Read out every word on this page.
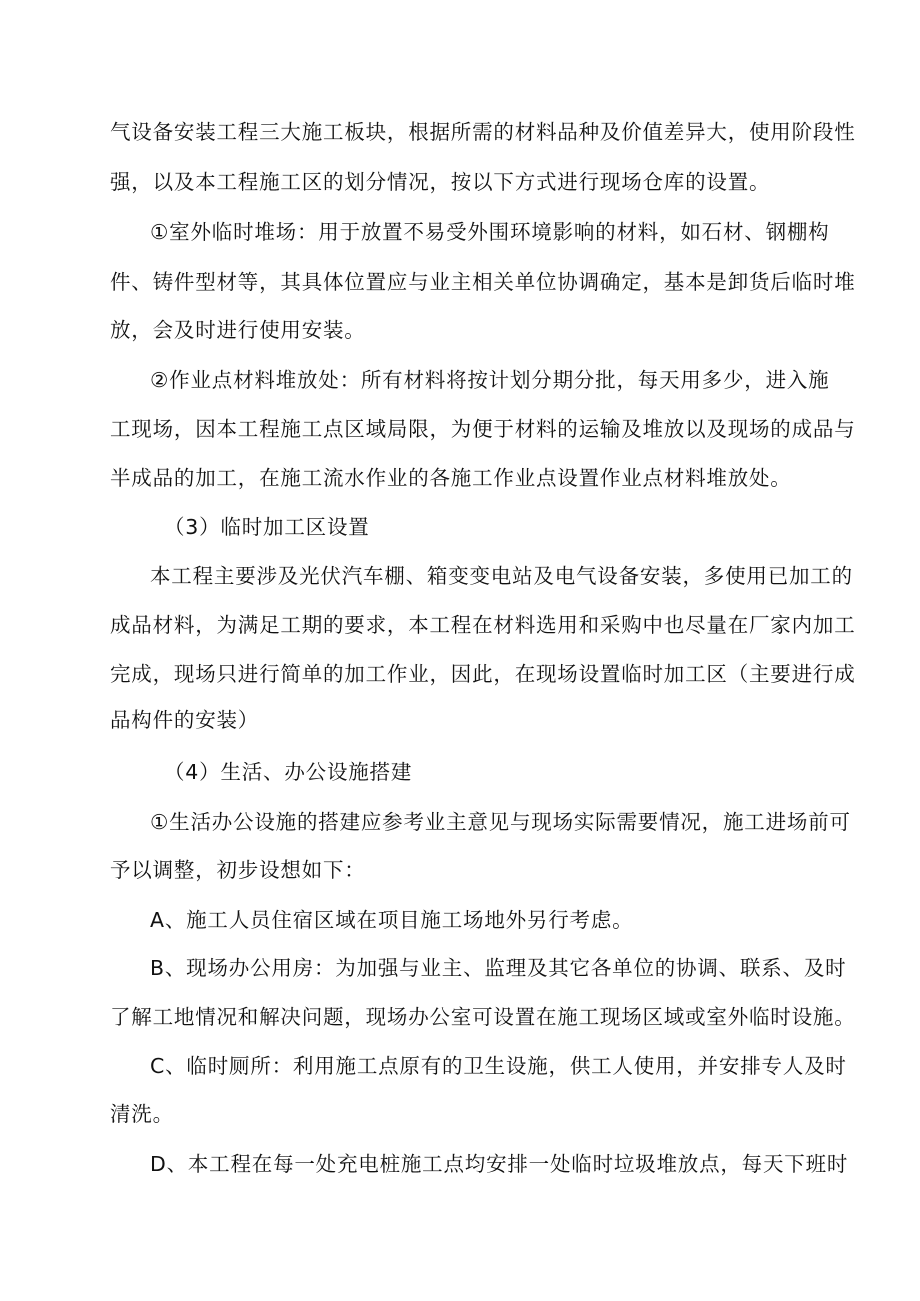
气设备安装工程三大施工板块，根据所需的材料品种及价值差异大，使用阶段性
强，以及本工程施工区的划分情况，按以下方式进行现场仓库的设置。
①室外临时堆场：用于放置不易受外围环境影响的材料，如石材、钢棚构
件、铸件型材等，其具体位置应与业主相关单位协调确定，基本是卸货后临时堆
放，会及时进行使用安装。
②作业点材料堆放处：所有材料将按计划分期分批，每天用多少，进入施
工现场，因本工程施工点区域局限，为便于材料的运输及堆放以及现场的成品与
半成品的加工，在施工流水作业的各施工作业点设置作业点材料堆放处。
（3）临时加工区设置
本工程主要涉及光伏汽车棚、箱变变电站及电气设备安装，多使用已加工的
成品材料，为满足工期的要求，本工程在材料选用和采购中也尽量在厂家内加工
完成，现场只进行简单的加工作业，因此，在现场设置临时加工区（主要进行成
品构件的安装）
（4）生活、办公设施搭建
①生活办公设施的搭建应参考业主意见与现场实际需要情况，施工进场前可
予以调整，初步设想如下：
A、施工人员住宿区域在项目施工场地外另行考虑。
B、现场办公用房：为加强与业主、监理及其它各单位的协调、联系、及时
了解工地情况和解决问题，现场办公室可设置在施工现场区域或室外临时设施。
C、临时厕所：利用施工点原有的卫生设施，供工人使用，并安排专人及时
清洗。
D、本工程在每一处充电桩施工点均安排一处临时垃圾堆放点，每天下班时
